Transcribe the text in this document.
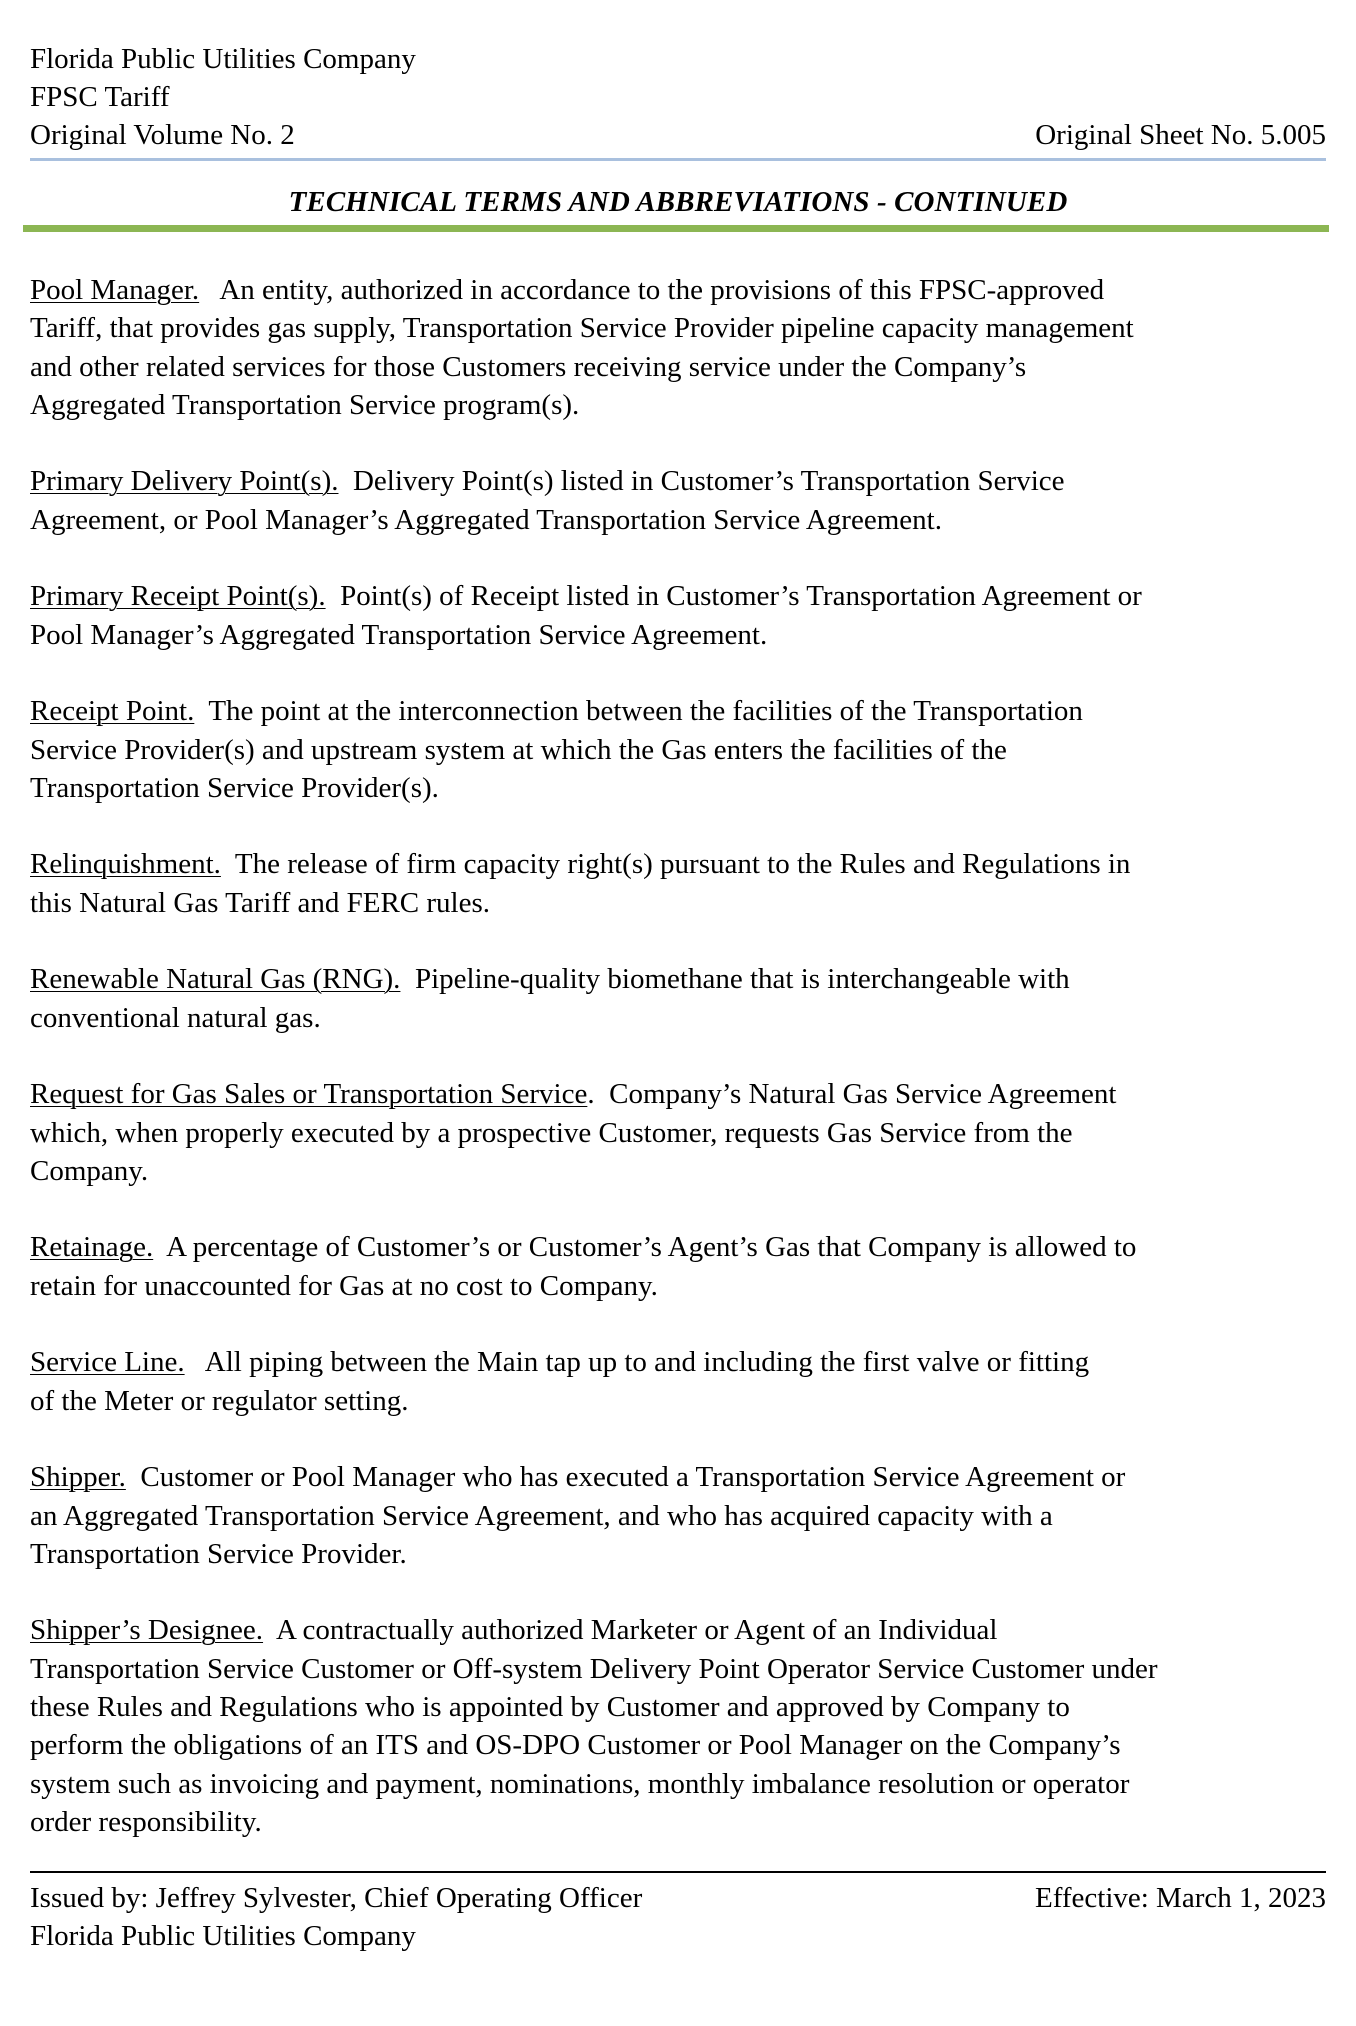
Florida Public Utilities Company
FPSC Tariff
Original Volume No. 2	Original Sheet No. 5.005
TECHNICAL TERMS AND ABBREVIATIONS - CONTINUED

Pool Manager. An entity, authorized in accordance to the provisions of this FPSC-approved
Tariff, that provides gas supply, Transportation Service Provider pipeline capacity management
and other related services for those Customers receiving service under the Company’s
Aggregated Transportation Service program(s).

Primary Delivery Point(s). Delivery Point(s) listed in Customer’s Transportation Service
Agreement, or Pool Manager’s Aggregated Transportation Service Agreement.

Primary Receipt Point(s). Point(s) of Receipt listed in Customer’s Transportation Agreement or
Pool Manager’s Aggregated Transportation Service Agreement.

Receipt Point. The point at the interconnection between the facilities of the Transportation
Service Provider(s) and upstream system at which the Gas enters the facilities of the
Transportation Service Provider(s).

Relinquishment. The release of firm capacity right(s) pursuant to the Rules and Regulations in
this Natural Gas Tariff and FERC rules.

Renewable Natural Gas (RNG). Pipeline-quality biomethane that is interchangeable with
conventional natural gas.

Request for Gas Sales or Transportation Service.  Company’s Natural Gas Service Agreement
which, when properly executed by a prospective Customer, requests Gas Service from the
Company.

Retainage. A percentage of Customer’s or Customer’s Agent’s Gas that Company is allowed to
retain for unaccounted for Gas at no cost to Company.

Service Line. All piping between the Main tap up to and including the first valve or fitting
of the Meter or regulator setting.

Shipper. Customer or Pool Manager who has executed a Transportation Service Agreement or
an Aggregated Transportation Service Agreement, and who has acquired capacity with a
Transportation Service Provider.

Shipper’s Designee. A contractually authorized Marketer or Agent of an Individual
Transportation Service Customer or Off-system Delivery Point Operator Service Customer under
these Rules and Regulations who is appointed by Customer and approved by Company to
perform the obligations of an ITS and OS-DPO Customer or Pool Manager on the Company’s
system such as invoicing and payment, nominations, monthly imbalance resolution or operator
order responsibility.

Issued by: Jeffrey Sylvester, Chief Operating Officer	Effective: March 1, 2023
Florida Public Utilities Company
